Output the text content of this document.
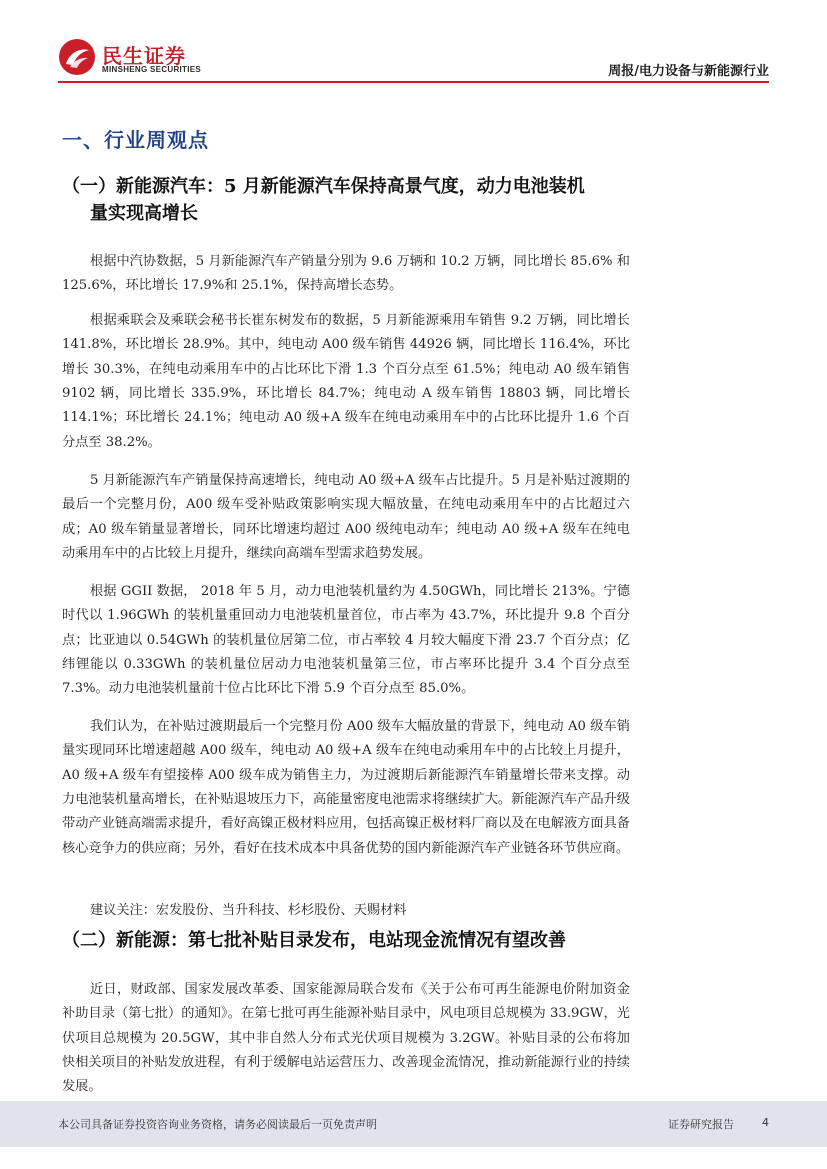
民生证券
MINSHENG SECURITIES	周报/电力设备与新能源行业
一、行业周观点
（一）新能源汽车：5 月新能源汽车保持高景气度，动力电池装机
量实现高增长

根据中汽协数据，5 月新能源汽车产销量分别为 9.6 万辆和 10.2 万辆，同比增长 85.6% 和 125.6%，环比增长 17.9%和 25.1%，保持高增长态势。

根据乘联会及乘联会秘书长崔东树发布的数据，5 月新能源乘用车销售 9.2 万辆，同比增长 141.8%，环比增长 28.9%。其中，纯电动 A00 级车销售 44926 辆，同比增长 116.4%，环比增长 30.3%，在纯电动乘用车中的占比环比下滑 1.3 个百分点至 61.5%；纯电动 A0 级车销售 9102 辆，同比增长 335.9%，环比增长 84.7%；纯电动 A 级车销售 18803 辆，同比增长 114.1%；环比增长 24.1%；纯电动 A0 级+A 级车在纯电动乘用车中的占比环比提升 1.6 个百分点至 38.2%。

5 月新能源汽车产销量保持高速增长，纯电动 A0 级+A 级车占比提升。5 月是补贴过渡期的最后一个完整月份，A00 级车受补贴政策影响实现大幅放量，在纯电动乘用车中的占比超过六成；A0 级车销量显著增长，同环比增速均超过 A00 级纯电动车；纯电动 A0 级+A 级车在纯电动乘用车中的占比较上月提升，继续向高端车型需求趋势发展。

根据 GGII 数据， 2018 年 5 月，动力电池装机量约为 4.50GWh，同比增长 213%。宁德时代以 1.96GWh 的装机量重回动力电池装机量首位，市占率为 43.7%，环比提升 9.8 个百分点；比亚迪以 0.54GWh 的装机量位居第二位，市占率较 4 月较大幅度下滑 23.7 个百分点；亿纬锂能以 0.33GWh 的装机量位居动力电池装机量第三位，市占率环比提升 3.4 个百分点至 7.3%。动力电池装机量前十位占比环比下滑 5.9 个百分点至 85.0%。

我们认为，在补贴过渡期最后一个完整月份 A00 级车大幅放量的背景下，纯电动 A0 级车销量实现同环比增速超越 A00 级车，纯电动 A0 级+A 级车在纯电动乘用车中的占比较上月提升，A0 级+A 级车有望接棒 A00 级车成为销售主力，为过渡期后新能源汽车销量增长带来支撑。动力电池装机量高增长，在补贴退坡压力下，高能量密度电池需求将继续扩大。新能源汽车产品升级带动产业链高端需求提升，看好高镍正极材料应用，包括高镍正极材料厂商以及在电解液方面具备核心竞争力的供应商；另外，看好在技术成本中具备优势的国内新能源汽车产业链各环节供应商。

建议关注：宏发股份、当升科技、杉杉股份、天赐材料

（二）新能源：第七批补贴目录发布，电站现金流情况有望改善

近日，财政部、国家发展改革委、国家能源局联合发布《关于公布可再生能源电价附加资金补助目录（第七批）的通知》。在第七批可再生能源补贴目录中，风电项目总规模为 33.9GW，光伏项目总规模为 20.5GW，其中非自然人分布式光伏项目规模为 3.2GW。补贴目录的公布将加快相关项目的补贴发放进程，有利于缓解电站运营压力、改善现金流情况，推动新能源行业的持续发展。

本公司具备证券投资咨询业务资格，请务必阅读最后一页免责声明	证券研究报告	4
